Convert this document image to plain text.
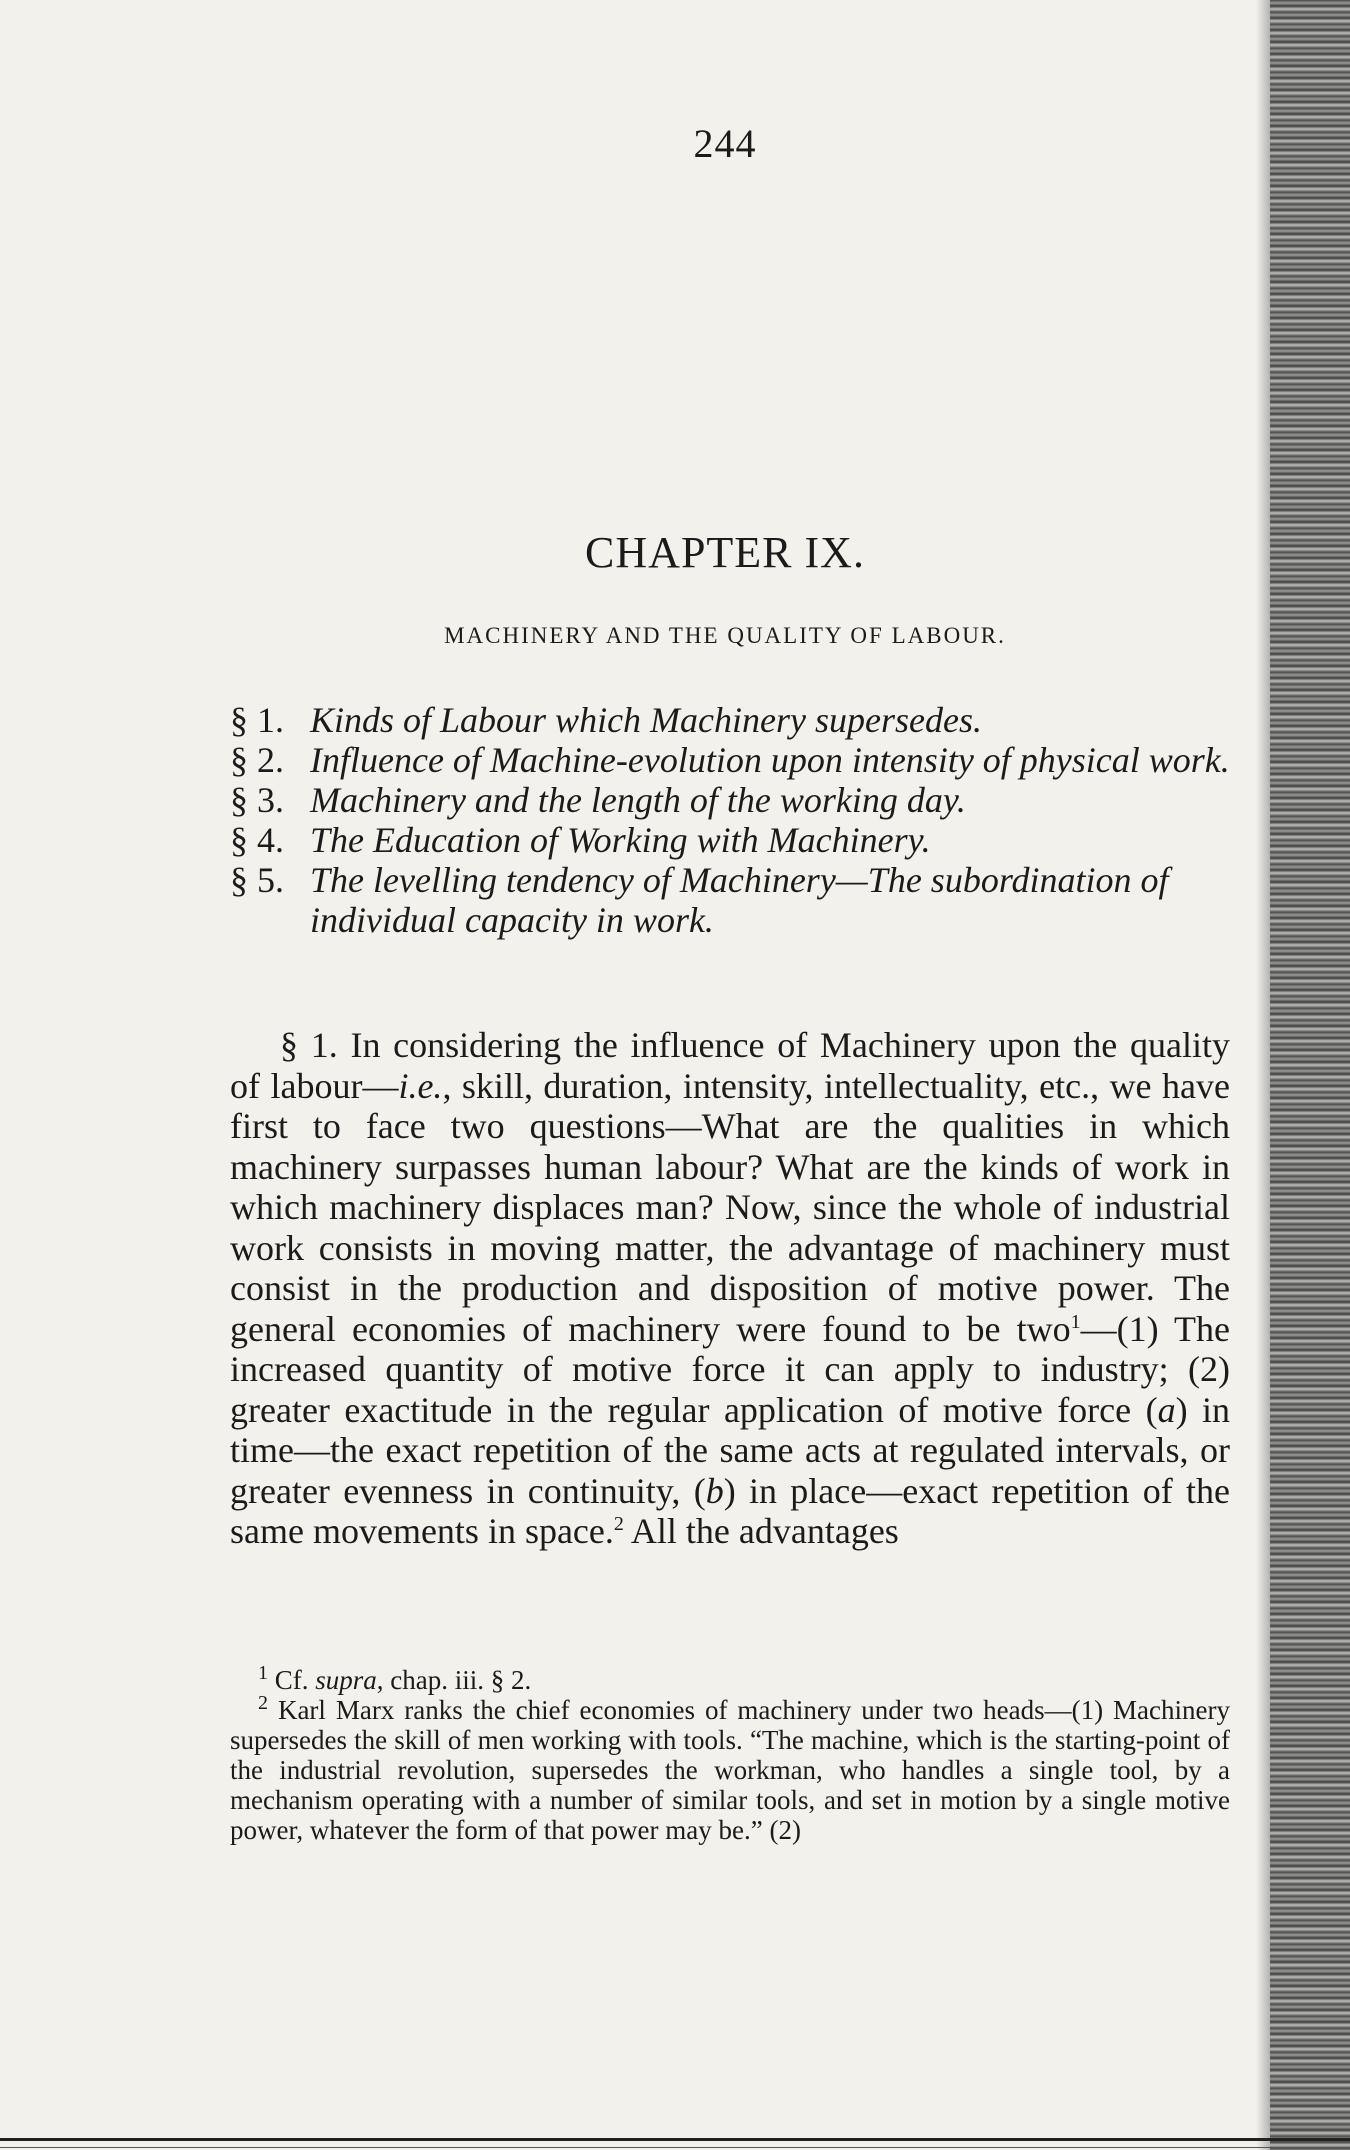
244
CHAPTER IX.
MACHINERY AND THE QUALITY OF LABOUR.
§ 1. Kinds of Labour which Machinery supersedes.
§ 2. Influence of Machine-evolution upon intensity of physical work.
§ 3. Machinery and the length of the working day.
§ 4. The Education of Working with Machinery.
§ 5. The levelling tendency of Machinery—The subordination of individual capacity in work.

§ 1. In considering the influence of Machinery upon the quality of labour—i.e., skill, duration, intensity, intellectuality, etc., we have first to face two questions—What are the qualities in which machinery surpasses human labour? What are the kinds of work in which machinery displaces man? Now, since the whole of industrial work consists in moving matter, the advantage of machinery must consist in the production and disposition of motive power. The general economies of machinery were found to be two$^1$—(1) The increased quantity of motive force it can apply to industry; (2) greater exactitude in the regular application of motive force (a) in time—the exact repetition of the same acts at regulated intervals, or greater evenness in continuity, (b) in place—exact repetition of the same movements in space.$^2$ All the advantages

$^1$ Cf. supra, chap. iii. § 2.

$^2$ Karl Marx ranks the chief economies of machinery under two heads—(1) Machinery supersedes the skill of men working with tools. “The machine, which is the starting-point of the industrial revolution, supersedes the workman, who handles a single tool, by a mechanism operating with a number of similar tools, and set in motion by a single motive power, whatever the form of that power may be.” (2)
